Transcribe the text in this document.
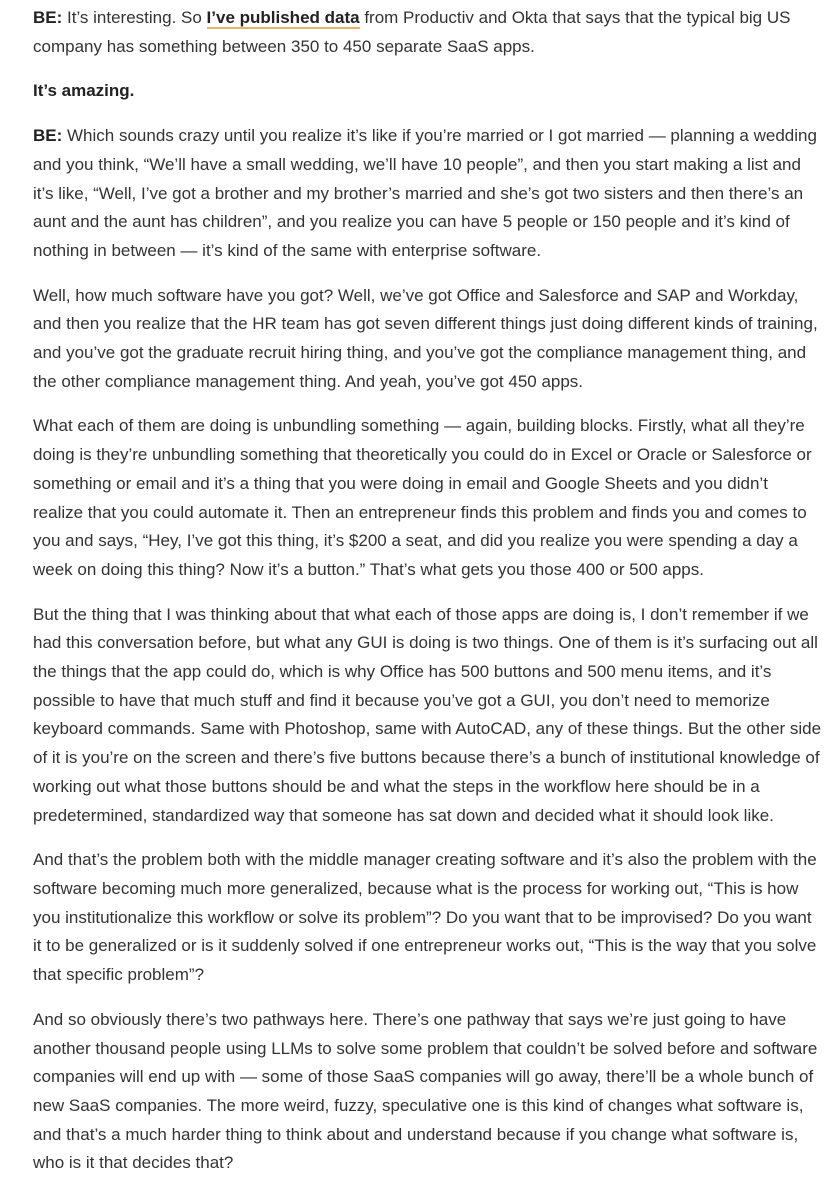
BE: It’s interesting. So I’ve published data from Productiv and Okta that says that the typical big US company has something between 350 to 450 separate SaaS apps.

It’s amazing.

BE: Which sounds crazy until you realize it’s like if you’re married or I got married — planning a wedding and you think, “We’ll have a small wedding, we’ll have 10 people”, and then you start making a list and it’s like, “Well, I’ve got a brother and my brother’s married and she’s got two sisters and then there’s an aunt and the aunt has children”, and you realize you can have 5 people or 150 people and it’s kind of nothing in between — it’s kind of the same with enterprise software.

Well, how much software have you got? Well, we’ve got Office and Salesforce and SAP and Workday, and then you realize that the HR team has got seven different things just doing different kinds of training, and you’ve got the graduate recruit hiring thing, and you’ve got the compliance management thing, and the other compliance management thing. And yeah, you’ve got 450 apps.

What each of them are doing is unbundling something — again, building blocks. Firstly, what all they’re doing is they’re unbundling something that theoretically you could do in Excel or Oracle or Salesforce or something or email and it’s a thing that you were doing in email and Google Sheets and you didn’t realize that you could automate it. Then an entrepreneur finds this problem and finds you and comes to you and says, “Hey, I’ve got this thing, it’s $200 a seat, and did you realize you were spending a day a week on doing this thing? Now it’s a button.” That’s what gets you those 400 or 500 apps.

But the thing that I was thinking about that what each of those apps are doing is, I don’t remember if we had this conversation before, but what any GUI is doing is two things. One of them is it’s surfacing out all the things that the app could do, which is why Office has 500 buttons and 500 menu items, and it’s possible to have that much stuff and find it because you’ve got a GUI, you don’t need to memorize keyboard commands. Same with Photoshop, same with AutoCAD, any of these things. But the other side of it is you’re on the screen and there’s five buttons because there’s a bunch of institutional knowledge of working out what those buttons should be and what the steps in the workflow here should be in a predetermined, standardized way that someone has sat down and decided what it should look like.

And that’s the problem both with the middle manager creating software and it’s also the problem with the software becoming much more generalized, because what is the process for working out, “This is how you institutionalize this workflow or solve its problem”? Do you want that to be improvised? Do you want it to be generalized or is it suddenly solved if one entrepreneur works out, “This is the way that you solve that specific problem”?

And so obviously there’s two pathways here. There’s one pathway that says we’re just going to have another thousand people using LLMs to solve some problem that couldn’t be solved before and software companies will end up with — some of those SaaS companies will go away, there’ll be a whole bunch of new SaaS companies. The more weird, fuzzy, speculative one is this kind of changes what software is, and that’s a much harder thing to think about and understand because if you change what software is, who is it that decides that?
